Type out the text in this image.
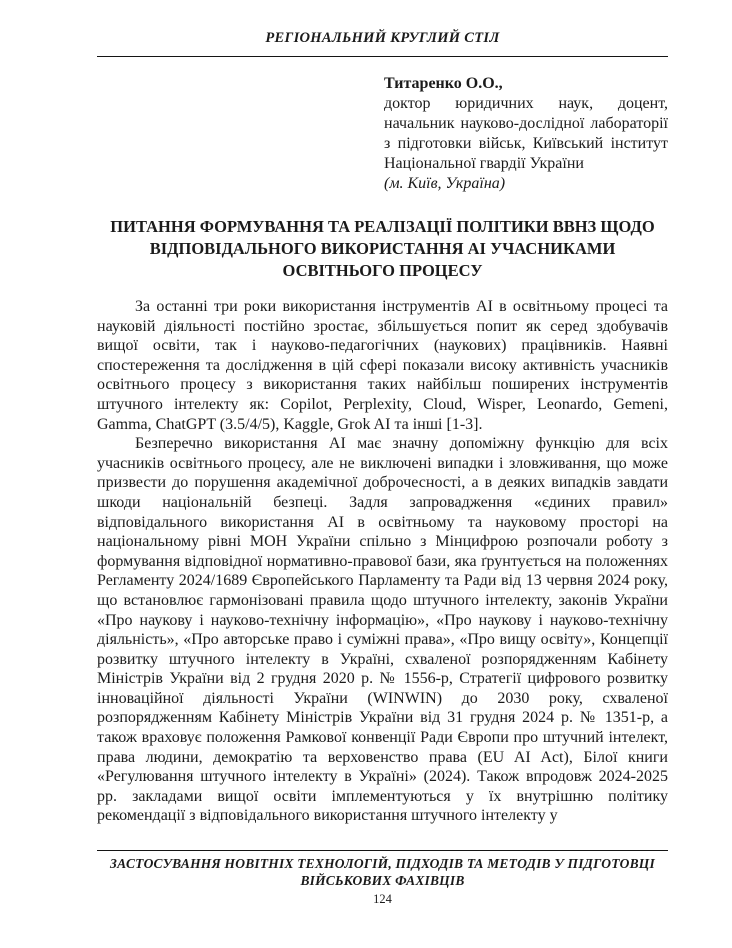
РЕГІОНАЛЬНИЙ КРУГЛИЙ СТІЛ

Титаренко О.О.,

доктор юридичних наук, доцент, начальник науково-дослідної лабораторії з підготовки військ, Київський інститут Національної гвардії України

(м. Київ, Україна)

ПИТАННЯ ФОРМУВАННЯ ТА РЕАЛІЗАЦІЇ ПОЛІТИКИ ВВНЗ ЩОДО ВІДПОВІДАЛЬНОГО ВИКОРИСТАННЯ АІ УЧАСНИКАМИ ОСВІТНЬОГО ПРОЦЕСУ

За останні три роки використання інструментів АІ в освітньому процесі та науковій діяльності постійно зростає, збільшується попит як серед здобувачів вищої освіти, так і науково-педагогічних (наукових) працівників. Наявні спостереження та дослідження в цій сфері показали високу активність учасників освітнього процесу з використання таких найбільш поширених інструментів штучного інтелекту як: Copilot, Perplexity, Cloud, Wisper, Leonardo, Gemeni, Gamma, ChatGPT (3.5/4/5), Kaggle, Grok AI та інші [1-3].

Безперечно використання АІ має значну допоміжну функцію для всіх учасників освітнього процесу, але не виключені випадки і зловживання, що може призвести до порушення академічної доброчесності, а в деяких випадків завдати шкоди національній безпеці. Задля запровадження «єдиних правил» відповідального використання АІ в освітньому та науковому просторі на національному рівні МОН України спільно з Мінцифрою розпочали роботу з формування відповідної нормативно-правової бази, яка ґрунтується на положеннях Регламенту 2024/1689 Європейського Парламенту та Ради від 13 червня 2024 року, що встановлює гармонізовані правила щодо штучного інтелекту, законів України «Про наукову і науково-технічну інформацію», «Про наукову і науково-технічну діяльність», «Про авторське право і суміжні права», «Про вищу освіту», Концепції розвитку штучного інтелекту в Україні, схваленої розпорядженням Кабінету Міністрів України від 2 грудня 2020 р. № 1556-р, Стратегії цифрового розвитку інноваційної діяльності України (WINWIN) до 2030 року, схваленої розпорядженням Кабінету Міністрів України від 31 грудня 2024 р. № 1351-р, а також враховує положення Рамкової конвенції Ради Європи про штучний інтелект, права людини, демократію та верховенство права (EU AI Act), Білої книги «Регулювання штучного інтелекту в Україні» (2024). Також впродовж 2024-2025 рр. закладами вищої освіти імплементуються у їх внутрішню політику рекомендації з відповідального використання штучного інтелекту у

ЗАСТОСУВАННЯ НОВІТНІХ ТЕХНОЛОГІЙ, ПІДХОДІВ ТА МЕТОДІВ У ПІДГОТОВЦІ ВІЙСЬКОВИХ ФАХІВЦІВ
124
